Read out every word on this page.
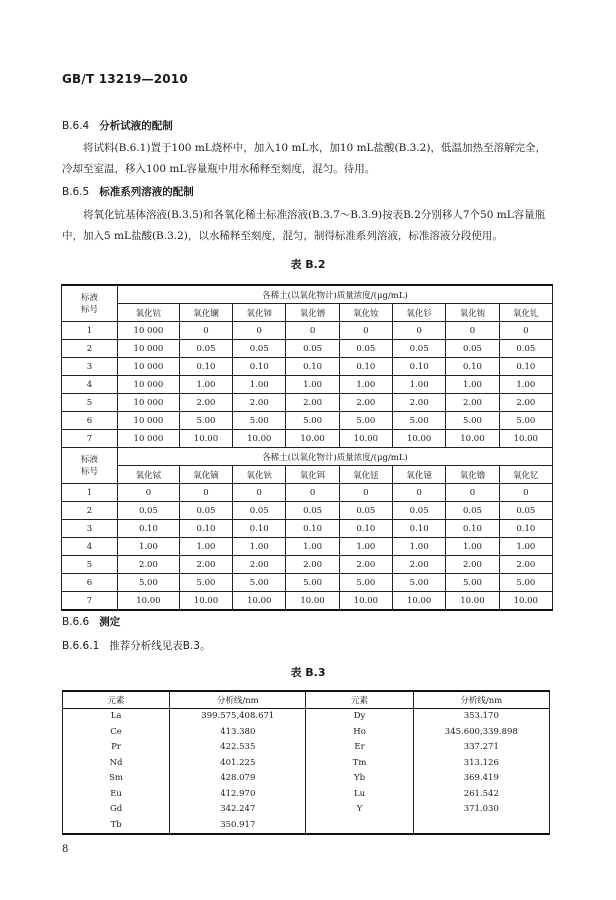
GB/T 13219—2010
B.6.4 分析试液的配制
将试料(B.6.1)置于100 mL烧杯中，加入10 mL水，加10 mL盐酸(B.3.2)，低温加热至溶解完全，冷却至室温，移入100 mL容量瓶中用水稀释至刻度，混匀。待用。
B.6.5 标准系列溶液的配制
将氧化钪基体溶液(B.3.5)和各氧化稀土标准溶液(B.3.7～B.3.9)按表B.2分别移人7个50 mL容量瓶中，加入5 mL盐酸(B.3.2)，以水稀释至刻度，混匀，制得标准系列溶液，标准溶液分段使用。
表 B.2
标液
标号	各稀土(以氧化物计)质量浓度/(μg/mL)							
	氧化钪	氧化镧	氧化铈	氧化镨	氧化钕	氧化钐	氧化铕	氧化钆
1	10 000	0	0	0	0	0	0	0
2	10 000	0.05	0.05	0.05	0.05	0.05	0.05	0.05
3	10 000	0.10	0.10	0.10	0.10	0.10	0.10	0.10
4	10 000	1.00	1.00	1.00	1.00	1.00	1.00	1.00
5	10 000	2.00	2.00	2.00	2.00	2.00	2.00	2.00
6	10 000	5.00	5.00	5.00	5.00	5.00	5.00	5.00
7	10 000	10.00	10.00	10.00	10.00	10.00	10.00	10.00

标液
标号	各稀土(以氧化物计)质量浓度/(μg/mL)							
	氧化铽	氧化镝	氧化钬	氧化铒	氧化铥	氧化镱	氧化镥	氧化钇
1	0	0	0	0	0	0	0	0
2	0.05	0.05	0.05	0.05	0.05	0.05	0.05	0.05
3	0.10	0.10	0.10	0.10	0.10	0.10	0.10	0.10
4	1.00	1.00	1.00	1.00	1.00	1.00	1.00	1.00
5	2.00	2.00	2.00	2.00	2.00	2.00	2.00	2.00
6	5.00	5.00	5.00	5.00	5.00	5.00	5.00	5.00
7	10.00	10.00	10.00	10.00	10.00	10.00	10.00	10.00
B.6.6 测定
B.6.6.1 推荐分析线见表B.3。
表 B.3
元素	分析线/nm	元素	分析线/nm
La	399.575,408.671	Dy	353.170
Ce	413.380	Ho	345.600,339.898
Pr	422.535	Er	337.271
Nd	401.225	Tm	313.126
Sm	428.079	Yb	369.419
Eu	412.970	Lu	261.542
Gd	342.247	Y	371.030
Tb	350.917		
8
